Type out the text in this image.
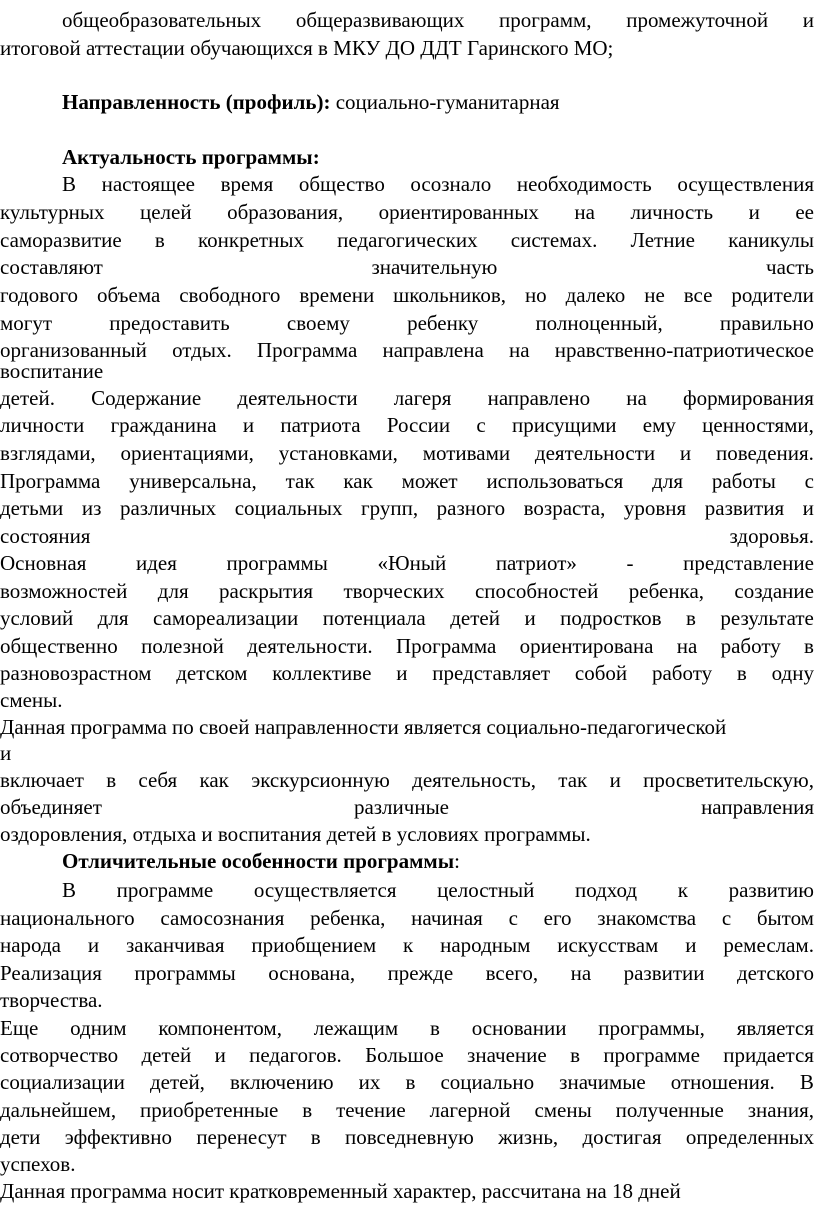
общеобразовательных общеразвивающих программ, промежуточной и
итоговой аттестации обучающихся в МКУ ДО ДДТ Гаринского МО;
Направленность (профиль): социально-гуманитарная
Актуальность программы:
В настоящее время общество осознало необходимость осуществления
культурных целей образования, ориентированных на личность и ее
саморазвитие в конкретных педагогических системах. Летние каникулы
составляют	значительную	часть
годового объема свободного времени школьников, но далеко не все родители
могут	предоставить	своему	ребенку	полноценный,	правильно
организованный отдых. Программа направлена на нравственно-патриотическое
воспитание
детей. Содержание деятельности лагеря направлено на формирования
личности гражданина и патриота России с присущими ему ценностями,
взглядами, ориентациями, установками, мотивами деятельности и поведения.
Программа универсальна, так как может использоваться для работы с
детьми из различных социальных групп, разного возраста, уровня развития и
состояния	здоровья.
Основная идея программы «Юный патриот» - представление
возможностей для раскрытия творческих способностей ребенка, создание
условий для самореализации потенциала детей и подростков в результате
общественно полезной деятельности. Программа ориентирована на работу в
разновозрастном детском коллективе и представляет собой работу в одну
смены.
Данная программа по своей направленности является социально-педагогической
и
включает в себя как экскурсионную деятельность, так и просветительскую,
объединяет	различные	направления
оздоровления, отдыха и воспитания детей в условиях программы.
Отличительные особенности программы:
В программе осуществляется целостный подход к развитию
национального самосознания ребенка, начиная с его знакомства с бытом
народа и заканчивая приобщением к народным искусствам и ремеслам.
Реализация программы основана, прежде всего, на развитии детского
творчества.
Еще одним компонентом, лежащим в основании программы, является
сотворчество детей и педагогов. Большое значение в программе придается
социализации детей, включению их в социально значимые отношения. В
дальнейшем, приобретенные в течение лагерной смены полученные знания,
дети эффективно перенесут в повседневную жизнь, достигая определенных
успехов.
Данная программа носит кратковременный характер, рассчитана на 18 дней
